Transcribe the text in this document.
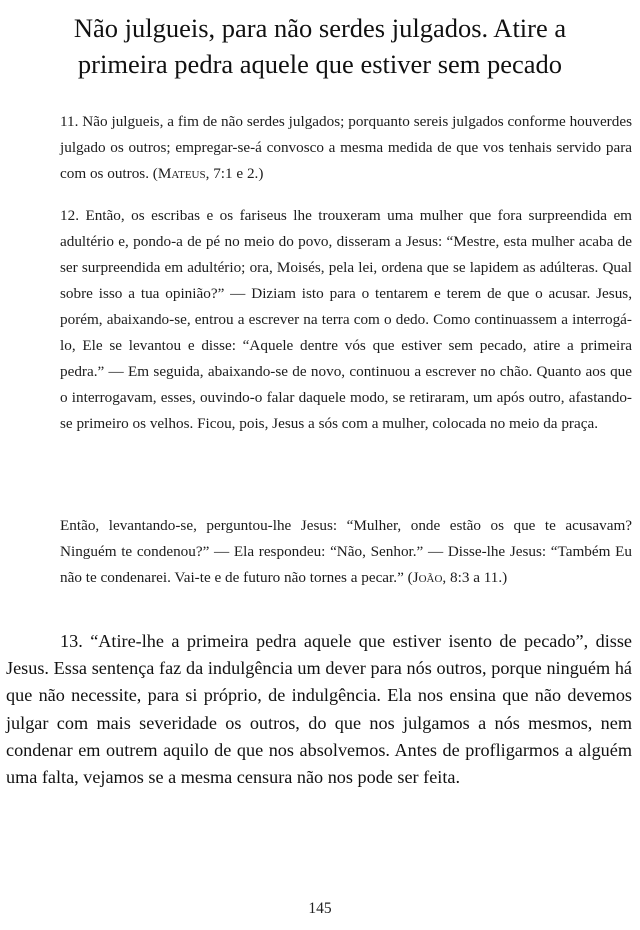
Não julgueis, para não serdes julgados. Atire a
primeira pedra aquele que estiver sem pecado

11. Não julgueis, a fim de não serdes julgados; porquanto sereis julgados conforme houverdes julgado os outros; empregar-se-á convosco a mesma medida de que vos tenhais servido para com os outros. (Mateus, 7:1 e 2.)

12. Então, os escribas e os fariseus lhe trouxeram uma mulher que fora surpreendida em adultério e, pondo-a de pé no meio do povo, disseram a Jesus: “Mestre, esta mulher acaba de ser surpreendida em adultério; ora, Moisés, pela lei, ordena que se lapidem as adúlteras. Qual sobre isso a tua opinião?” — Diziam isto para o tentarem e terem de que o acusar. Jesus, porém, abaixando-se, entrou a escrever na terra com o dedo. Como continuassem a interrogá-lo, Ele se levantou e disse: “Aquele dentre vós que estiver sem pecado, atire a primeira pedra.” — Em seguida, abaixando-se de novo, continuou a escrever no chão. Quanto aos que o interrogavam, esses, ouvindo-o falar daquele modo, se retiraram, um após outro, afastando-se primeiro os velhos. Ficou, pois, Jesus a sós com a mulher, colocada no meio da praça.

Então, levantando-se, perguntou-lhe Jesus: “Mulher, onde estão os que te acusavam? Ninguém te condenou?” — Ela respondeu: “Não, Senhor.” — Disse-lhe Jesus: “Também Eu não te condenarei. Vai-te e de futuro não tornes a pecar.” (João, 8:3 a 11.)

13. “Atire-lhe a primeira pedra aquele que estiver isento de pecado”, disse Jesus. Essa sentença faz da indulgência um dever para nós outros, porque ninguém há que não necessite, para si próprio, de indulgência. Ela nos ensina que não devemos julgar com mais severidade os outros, do que nos julgamos a nós mesmos, nem condenar em outrem aquilo de que nos absolvemos. Antes de profligarmos a alguém uma falta, vejamos se a mesma censura não nos pode ser feita.

145
